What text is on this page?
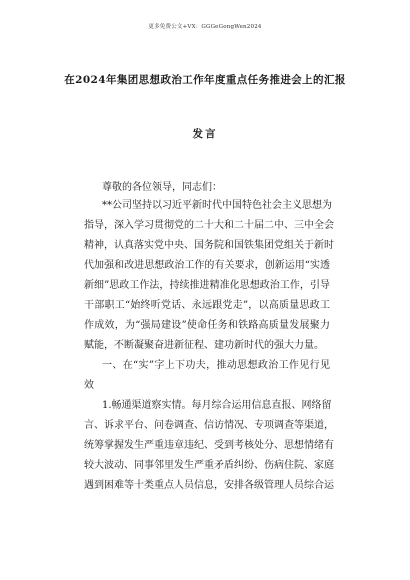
更多免费公文+VX：GGGeGongWen2024
在2024年集团思想政治工作年度重点任务推进会上的汇报
发言
尊敬的各位领导，同志们：
**公司坚持以习近平新时代中国特色社会主义思想为
指导，深入学习贯彻党的二十大和二十届二中、三中全会
精神，认真落实党中央、国务院和国铁集团党组关于新时
代加强和改进思想政治工作的有关要求，创新运用“实透
新细”思政工作法，持续推进精准化思想政治工作，引导
干部职工“始终听党话、永远跟党走”，以高质量思政工
作成效，为“强局建设”使命任务和铁路高质量发展聚力
赋能，不断凝聚奋进新征程、建功新时代的强大力量。
一、在“实”字上下功夫，推动思想政治工作见行见
效
1.畅通渠道察实情。每月综合运用信息直报、网络留
言、诉求平台、问卷调查、信访情况、专项调查等渠道，
统筹掌握发生严重违章违纪、受到考核处分、思想情绪有
较大波动、同事邻里发生严重矛盾纠纷、伤病住院、家庭
遇到困难等十类重点人员信息，安排各级管理人员综合运
